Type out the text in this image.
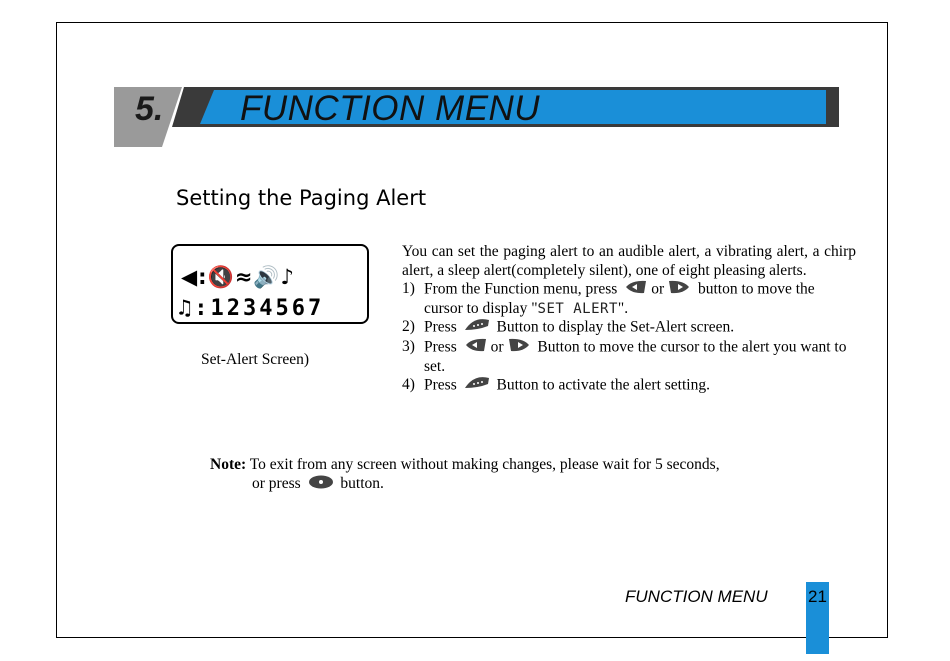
5. FUNCTION MENU
Setting the Paging Alert
◀:🔇≈🔊♪
♫:1234567
Set-Alert Screen)

You can set the paging alert to an audible alert, a vibrating alert, a chirp alert, a sleep alert(completely silent), one of eight pleasing alerts.

1) From the Function menu, press or button to move the cursor to display "SET ALERT".
2) Press	Button to display the Set-Alert screen.
3) Press or Button to move the cursor to the alert you want to set.
4) Press	Button to activate the alert setting.
Note: To exit from any screen without making changes, please wait for 5 seconds,
or press	button.
FUNCTION MENU 21
